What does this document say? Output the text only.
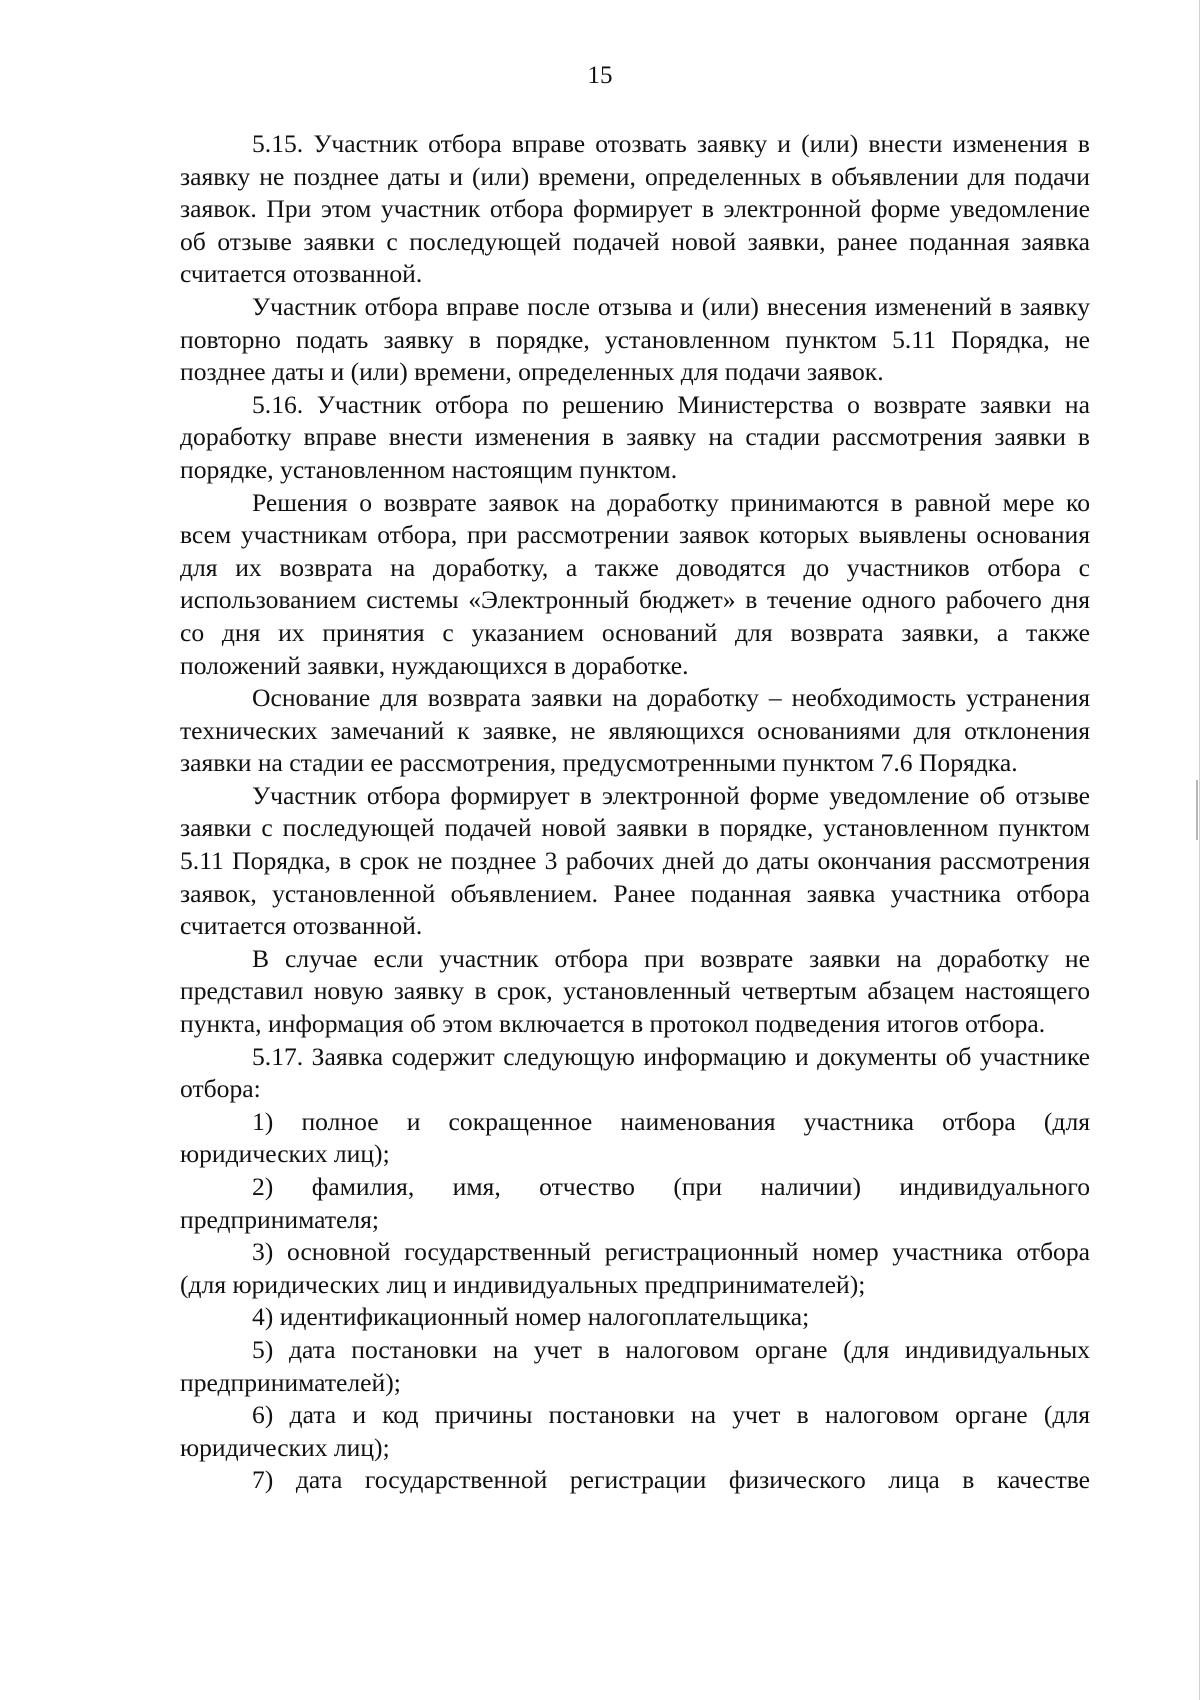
15

5.15. Участник отбора вправе отозвать заявку и (или) внести изменения в заявку не позднее даты и (или) времени, определенных в объявлении для подачи заявок. При этом участник отбора формирует в электронной форме уведомление об отзыве заявки с последующей подачей новой заявки, ранее поданная заявка считается отозванной.

Участник отбора вправе после отзыва и (или) внесения изменений в заявку повторно подать заявку в порядке, установленном пунктом 5.11 Порядка, не позднее даты и (или) времени, определенных для подачи заявок.

5.16. Участник отбора по решению Министерства о возврате заявки на доработку вправе внести изменения в заявку на стадии рассмотрения заявки в порядке, установленном настоящим пунктом.

Решения о возврате заявок на доработку принимаются в равной мере ко всем участникам отбора, при рассмотрении заявок которых выявлены основания для их возврата на доработку, а также доводятся до участников отбора с использованием системы «Электронный бюджет» в течение одного рабочего дня со дня их принятия с указанием оснований для возврата заявки, а также положений заявки, нуждающихся в доработке.

Основание для возврата заявки на доработку – необходимость устранения технических замечаний к заявке, не являющихся основаниями для отклонения заявки на стадии ее рассмотрения, предусмотренными пунктом 7.6 Порядка.

Участник отбора формирует в электронной форме уведомление об отзыве заявки с последующей подачей новой заявки в порядке, установленном пунктом 5.11 Порядка, в срок не позднее 3 рабочих дней до даты окончания рассмотрения заявок, установленной объявлением. Ранее поданная заявка участника отбора считается отозванной.

В случае если участник отбора при возврате заявки на доработку не представил новую заявку в срок, установленный четвертым абзацем настоящего пункта, информация об этом включается в протокол подведения итогов отбора.

5.17. Заявка содержит следующую информацию и документы об участнике отбора:

1) полное и сокращенное наименования участника отбора (для юридических лиц);

2) фамилия, имя, отчество (при наличии) индивидуального предпринимателя;

3) основной государственный регистрационный номер участника отбора (для юридических лиц и индивидуальных предпринимателей);

4) идентификационный номер налогоплательщика;

5) дата постановки на учет в налоговом органе (для индивидуальных предпринимателей);

6) дата и код причины постановки на учет в налоговом органе (для юридических лиц);

7) дата государственной регистрации физического лица в качестве
